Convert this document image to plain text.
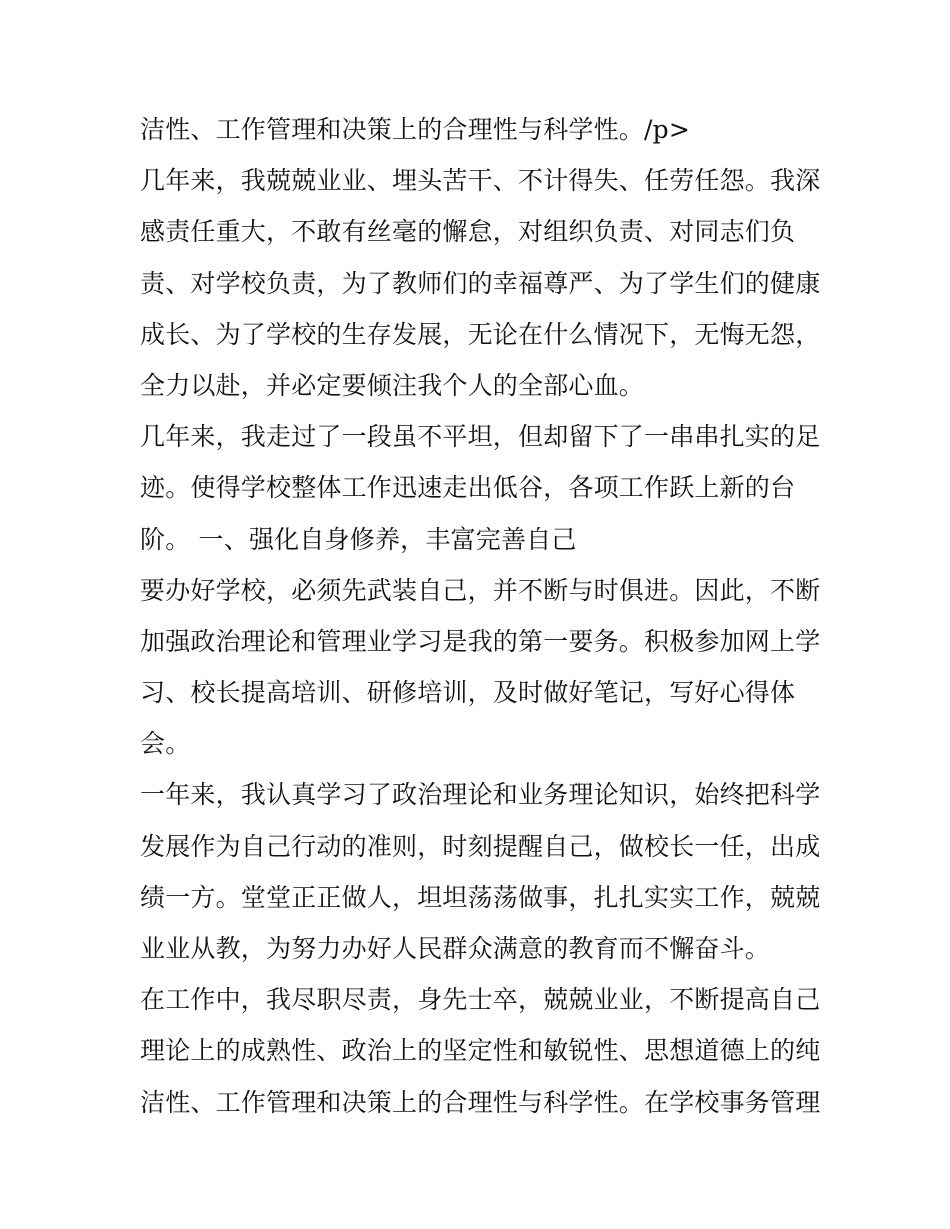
洁性、工作管理和决策上的合理性与科学性。/p>
几年来，我兢兢业业、埋头苦干、不计得失、任劳任怨。我深
感责任重大，不敢有丝毫的懈怠，对组织负责、对同志们负
责、对学校负责，为了教师们的幸福尊严、为了学生们的健康
成长、为了学校的生存发展，无论在什么情况下，无悔无怨，
全力以赴，并必定要倾注我个人的全部心血。
几年来，我走过了一段虽不平坦，但却留下了一串串扎实的足
迹。使得学校整体工作迅速走出低谷，各项工作跃上新的台
阶。 一、强化自身修养，丰富完善自己
要办好学校，必须先武装自己，并不断与时俱进。因此，不断
加强政治理论和管理业学习是我的第一要务。积极参加网上学
习、校长提高培训、研修培训，及时做好笔记，写好心得体
会。
一年来，我认真学习了政治理论和业务理论知识，始终把科学
发展作为自己行动的准则，时刻提醒自己，做校长一任，出成
绩一方。堂堂正正做人，坦坦荡荡做事，扎扎实实工作，兢兢
业业从教，为努力办好人民群众满意的教育而不懈奋斗。
在工作中，我尽职尽责，身先士卒，兢兢业业，不断提高自己
理论上的成熟性、政治上的坚定性和敏锐性、思想道德上的纯
洁性、工作管理和决策上的合理性与科学性。在学校事务管理
